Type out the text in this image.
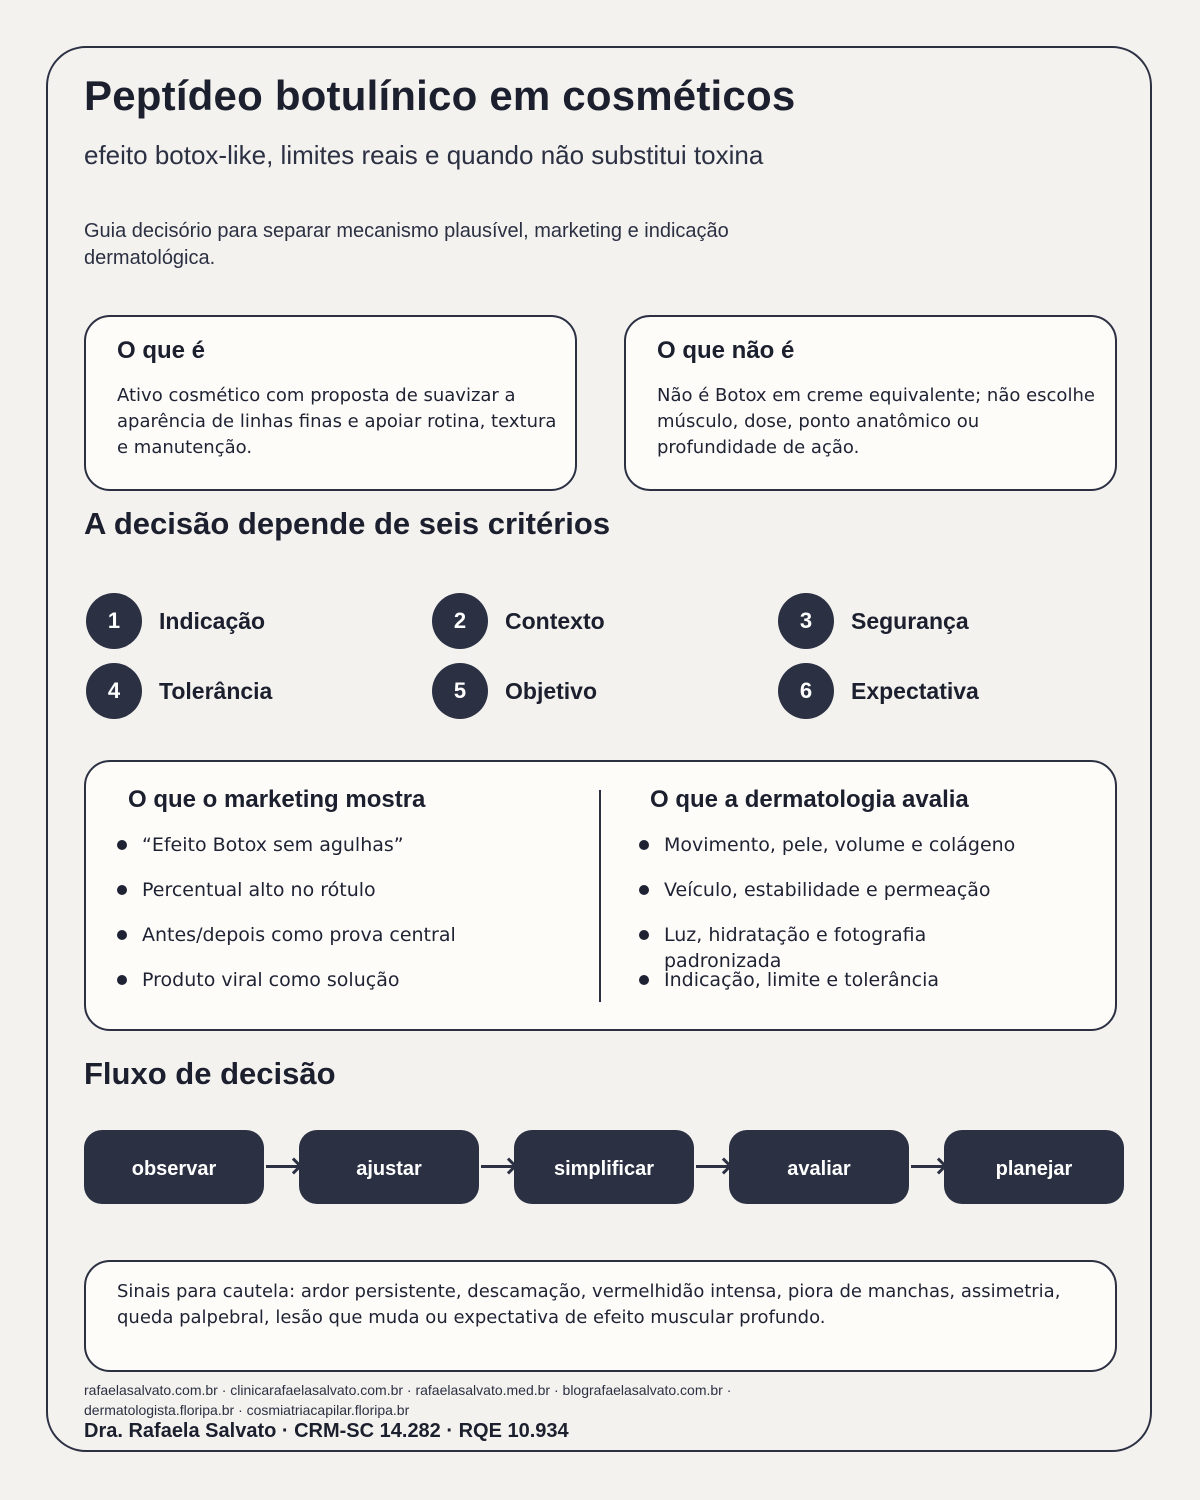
Peptídeo botulínico em cosméticos
efeito botox-like, limites reais e quando não substitui toxina
Guia decisório para separar mecanismo plausível, marketing e indicação dermatológica.
O que é

Ativo cosmético com proposta de suavizar a aparência de linhas finas e apoiar rotina, textura e manutenção.

O que não é

Não é Botox em creme equivalente; não escolhe músculo, dose, ponto anatômico ou profundidade de ação.

A decisão depende de seis critérios
1	Indicação	2	Contexto	3	Segurança
4	Tolerância	5	Objetivo	6	Expectativa
O que o marketing mostra
“Efeito Botox sem agulhas”
Percentual alto no rótulo
Antes/depois como prova central
Produto viral como solução
O que a dermatologia avalia
Movimento, pele, volume e colágeno
Veículo, estabilidade e permeação
Luz, hidratação e fotografia padronizada
Indicação, limite e tolerância
Fluxo de decisão
observar	ajustar	simplificar	avaliar	planejar

Sinais para cautela: ardor persistente, descamação, vermelhidão intensa, piora de manchas, assimetria, queda palpebral, lesão que muda ou expectativa de efeito muscular profundo.

rafaelasalvato.com.br · clinicarafaelasalvato.com.br · rafaelasalvato.med.br · blografaelasalvato.com.br · dermatologista.floripa.br · cosmiatriacapilar.floripa.br
Dra. Rafaela Salvato · CRM-SC 14.282 · RQE 10.934
